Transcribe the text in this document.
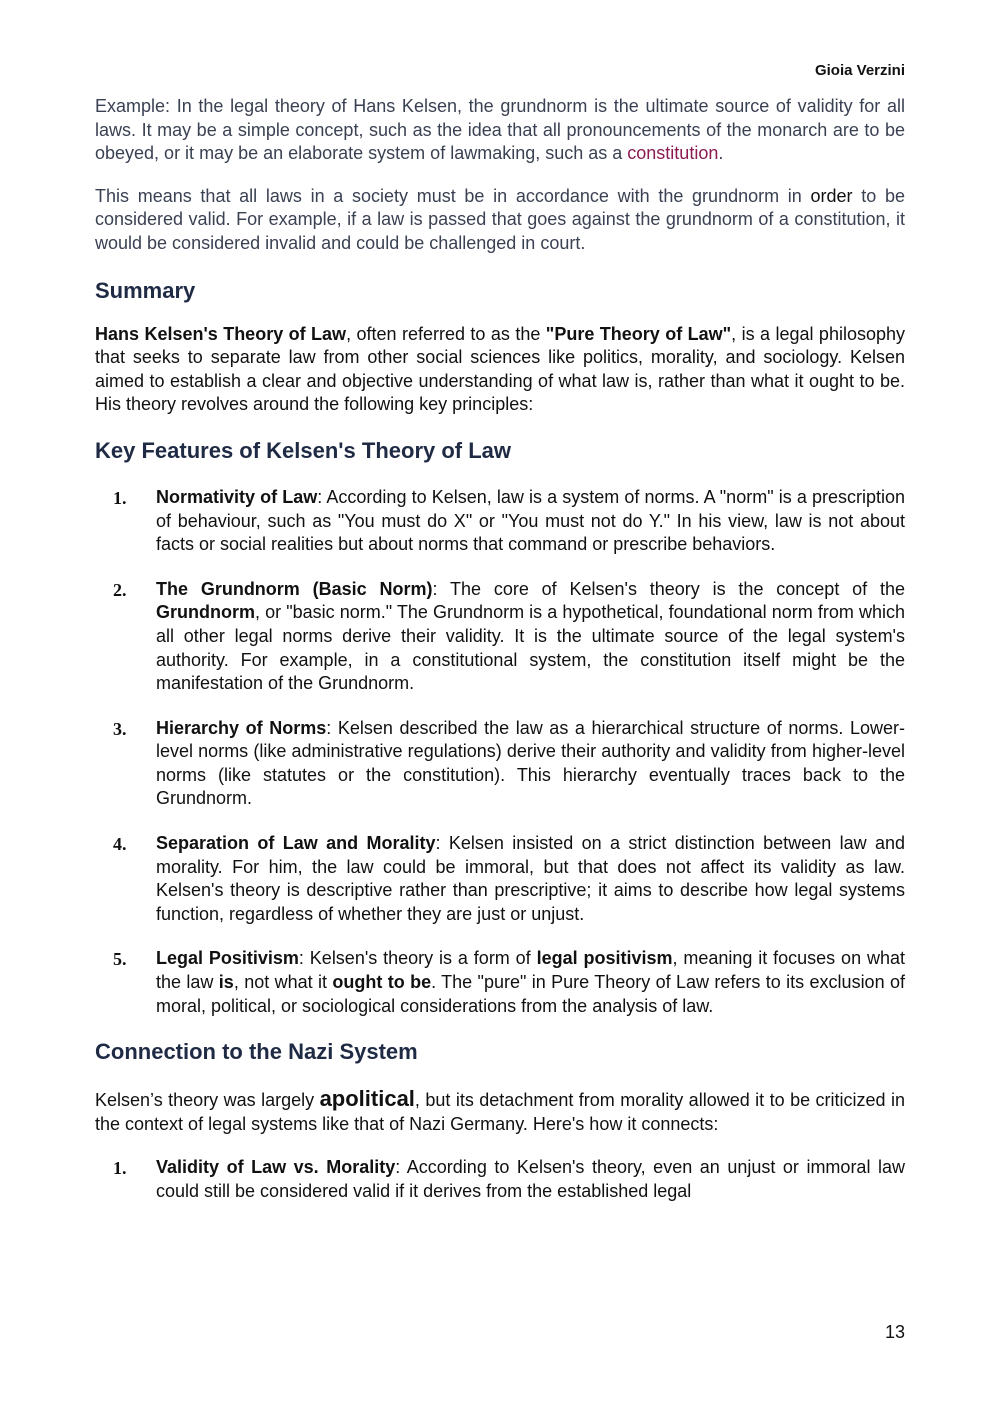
Gioia Verzini

Example: In the legal theory of Hans Kelsen, the grundnorm is the ultimate source of validity for all laws. It may be a simple concept, such as the idea that all pronouncements of the monarch are to be obeyed, or it may be an elaborate system of lawmaking, such as a constitution.

This means that all laws in a society must be in accordance with the grundnorm in order to be considered valid. For example, if a law is passed that goes against the grundnorm of a constitution, it would be considered invalid and could be challenged in court.

Summary

Hans Kelsen's Theory of Law, often referred to as the "Pure Theory of Law", is a legal philosophy that seeks to separate law from other social sciences like politics, morality, and sociology. Kelsen aimed to establish a clear and objective understanding of what law is, rather than what it ought to be. His theory revolves around the following key principles:

Key Features of Kelsen's Theory of Law
1. Normativity of Law: According to Kelsen, law is a system of norms. A "norm" is a prescription of behaviour, such as "You must do X" or "You must not do Y." In his view, law is not about facts or social realities but about norms that command or prescribe behaviors.
2. The Grundnorm (Basic Norm): The core of Kelsen's theory is the concept of the Grundnorm, or "basic norm." The Grundnorm is a hypothetical, foundational norm from which all other legal norms derive their validity. It is the ultimate source of the legal system's authority. For example, in a constitutional system, the constitution itself might be the manifestation of the Grundnorm.
3. Hierarchy of Norms: Kelsen described the law as a hierarchical structure of norms. Lower-level norms (like administrative regulations) derive their authority and validity from higher-level norms (like statutes or the constitution). This hierarchy eventually traces back to the Grundnorm.
4. Separation of Law and Morality: Kelsen insisted on a strict distinction between law and morality. For him, the law could be immoral, but that does not affect its validity as law. Kelsen's theory is descriptive rather than prescriptive; it aims to describe how legal systems function, regardless of whether they are just or unjust.
5. Legal Positivism: Kelsen's theory is a form of legal positivism, meaning it focuses on what the law is, not what it ought to be. The "pure" in Pure Theory of Law refers to its exclusion of moral, political, or sociological considerations from the analysis of law.
Connection to the Nazi System

Kelsen’s theory was largely apolitical, but its detachment from morality allowed it to be criticized in the context of legal systems like that of Nazi Germany. Here's how it connects:

1. Validity of Law vs. Morality: According to Kelsen's theory, even an unjust or immoral law could still be considered valid if it derives from the established legal
13
